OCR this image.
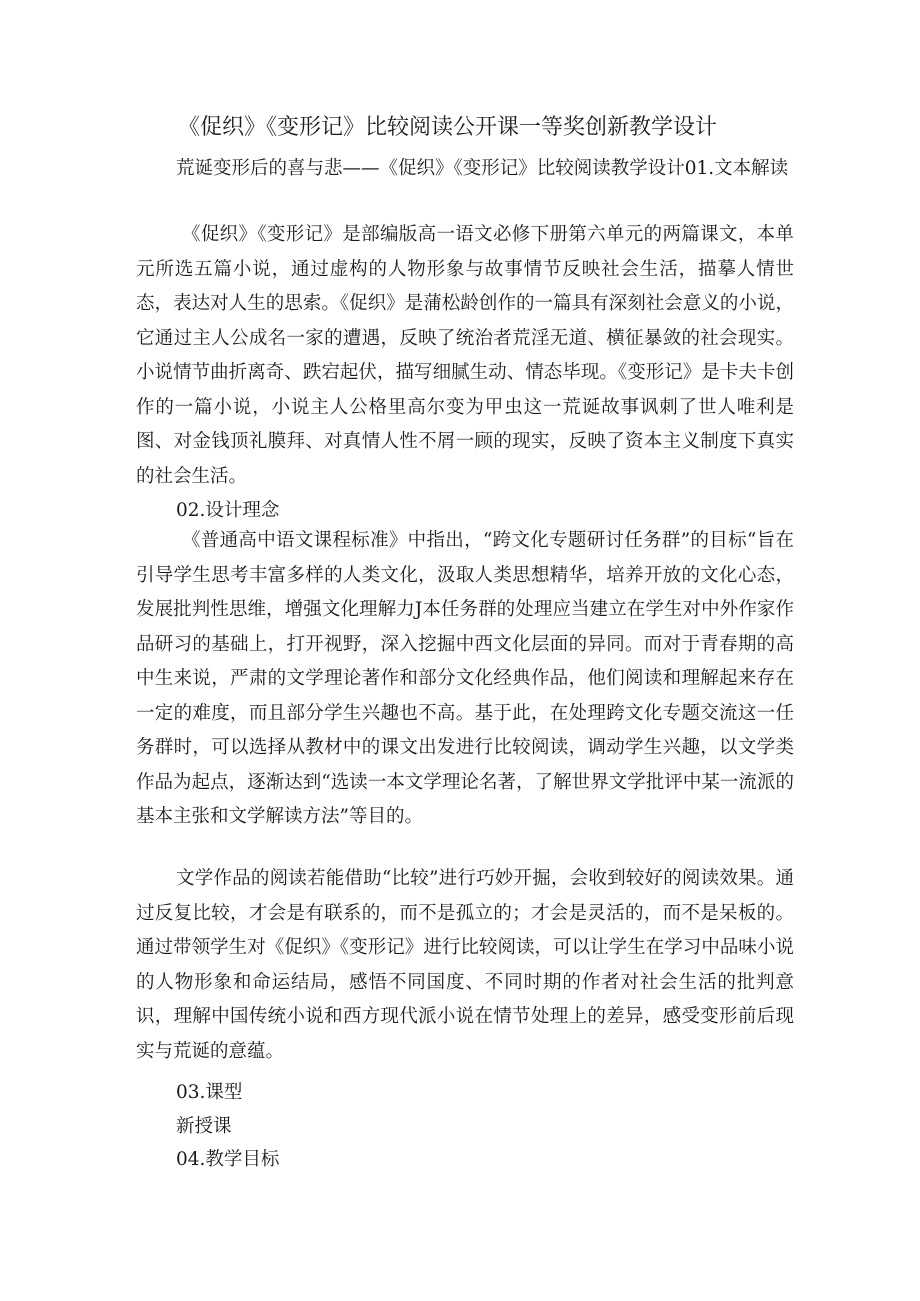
《促织》《变形记》比较阅读公开课一等奖创新教学设计

荒诞变形后的喜与悲——《促织》《变形记》比较阅读教学设计01.文本解读

《促织》《变形记》是部编版高一语文必修下册第六单元的两篇课文，本单元所选五篇小说，通过虚构的人物形象与故事情节反映社会生活，描摹人情世态，表达对人生的思索。《促织》是蒲松龄创作的一篇具有深刻社会意义的小说，它通过主人公成名一家的遭遇，反映了统治者荒淫无道、横征暴敛的社会现实。小说情节曲折离奇、跌宕起伏，描写细腻生动、情态毕现。《变形记》是卡夫卡创作的一篇小说，小说主人公格里高尔变为甲虫这一荒诞故事讽刺了世人唯利是图、对金钱顶礼膜拜、对真情人性不屑一顾的现实，反映了资本主义制度下真实的社会生活。

02.设计理念

《普通高中语文课程标准》中指出，“跨文化专题研讨任务群”的目标“旨在引导学生思考丰富多样的人类文化，汲取人类思想精华，培养开放的文化心态，发展批判性思维，增强文化理解力J本任务群的处理应当建立在学生对中外作家作品研习的基础上，打开视野，深入挖掘中西文化层面的异同。而对于青春期的高中生来说，严肃的文学理论著作和部分文化经典作品，他们阅读和理解起来存在一定的难度，而且部分学生兴趣也不高。基于此，在处理跨文化专题交流这一任务群时，可以选择从教材中的课文出发进行比较阅读，调动学生兴趣，以文学类作品为起点，逐渐达到“选读一本文学理论名著，了解世界文学批评中某一流派的基本主张和文学解读方法”等目的。

文学作品的阅读若能借助“比较”进行巧妙开掘，会收到较好的阅读效果。通过反复比较，才会是有联系的，而不是孤立的；才会是灵活的，而不是呆板的。通过带领学生对《促织》《变形记》进行比较阅读，可以让学生在学习中品味小说的人物形象和命运结局，感悟不同国度、不同时期的作者对社会生活的批判意识，理解中国传统小说和西方现代派小说在情节处理上的差异，感受变形前后现实与荒诞的意蕴。

03.课型

新授课

04.教学目标
